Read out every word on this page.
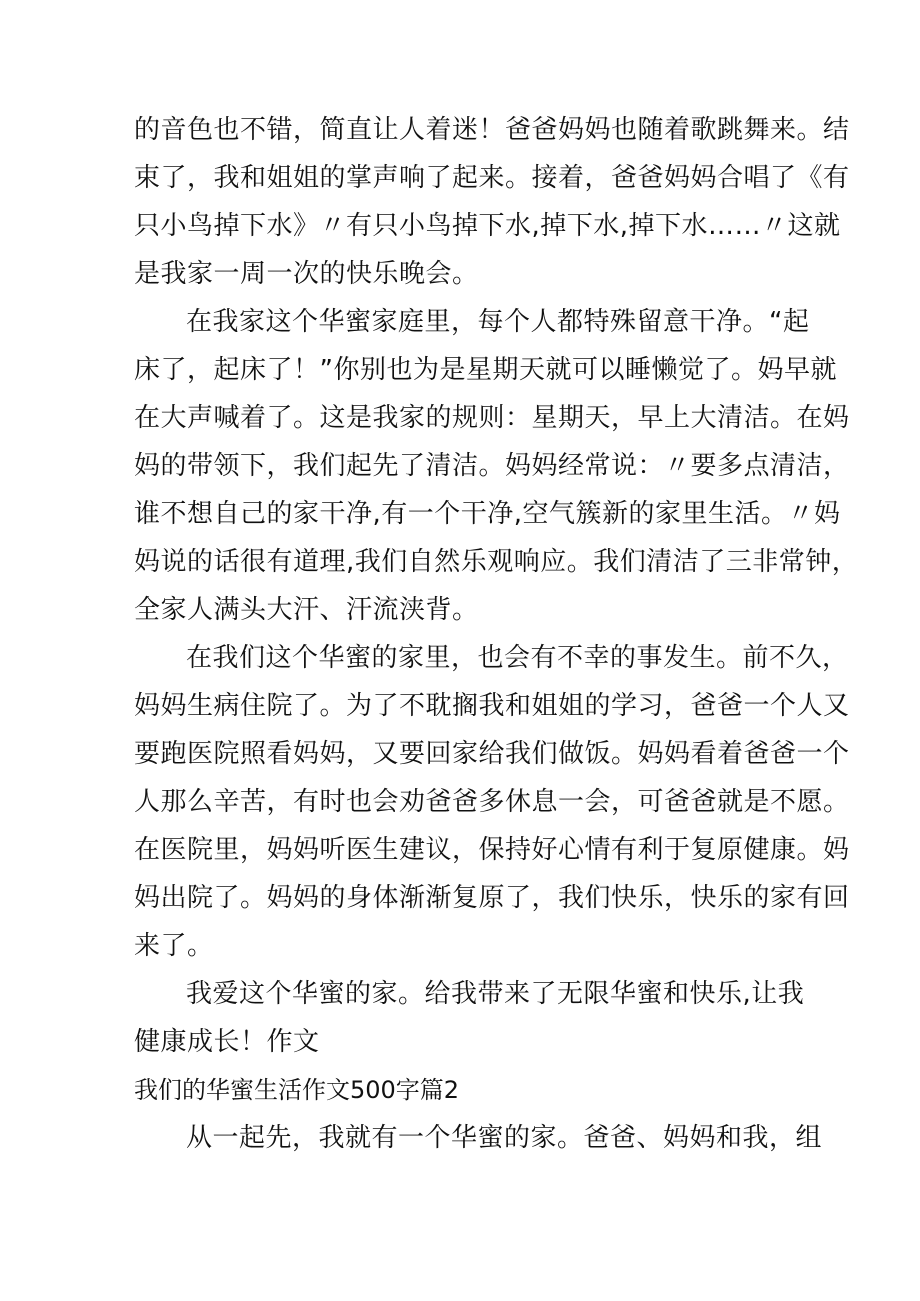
的音色也不错，简直让人着迷！爸爸妈妈也随着歌跳舞来。结
束了，我和姐姐的掌声响了起来。接着，爸爸妈妈合唱了《有
只小鸟掉下水》〃有只小鸟掉下水,掉下水,掉下水……〃这就
是我家一周一次的快乐晚会。
在我家这个华蜜家庭里，每个人都特殊留意干净。“起
床了，起床了！”你别也为是星期天就可以睡懒觉了。妈早就
在大声喊着了。这是我家的规则：星期天，早上大清洁。在妈
妈的带领下，我们起先了清洁。妈妈经常说：〃要多点清洁，
谁不想自己的家干净,有一个干净,空气簇新的家里生活。〃妈
妈说的话很有道理,我们自然乐观响应。我们清洁了三非常钟，
全家人满头大汗、汗流浃背。
在我们这个华蜜的家里，也会有不幸的事发生。前不久，
妈妈生病住院了。为了不耽搁我和姐姐的学习，爸爸一个人又
要跑医院照看妈妈，又要回家给我们做饭。妈妈看着爸爸一个
人那么辛苦，有时也会劝爸爸多休息一会，可爸爸就是不愿。
在医院里，妈妈听医生建议，保持好心情有利于复原健康。妈
妈出院了。妈妈的身体渐渐复原了，我们快乐，快乐的家有回
来了。
我爱这个华蜜的家。给我带来了无限华蜜和快乐,让我
健康成长！作文
我们的华蜜生活作文500字篇2
从一起先，我就有一个华蜜的家。爸爸、妈妈和我，组
